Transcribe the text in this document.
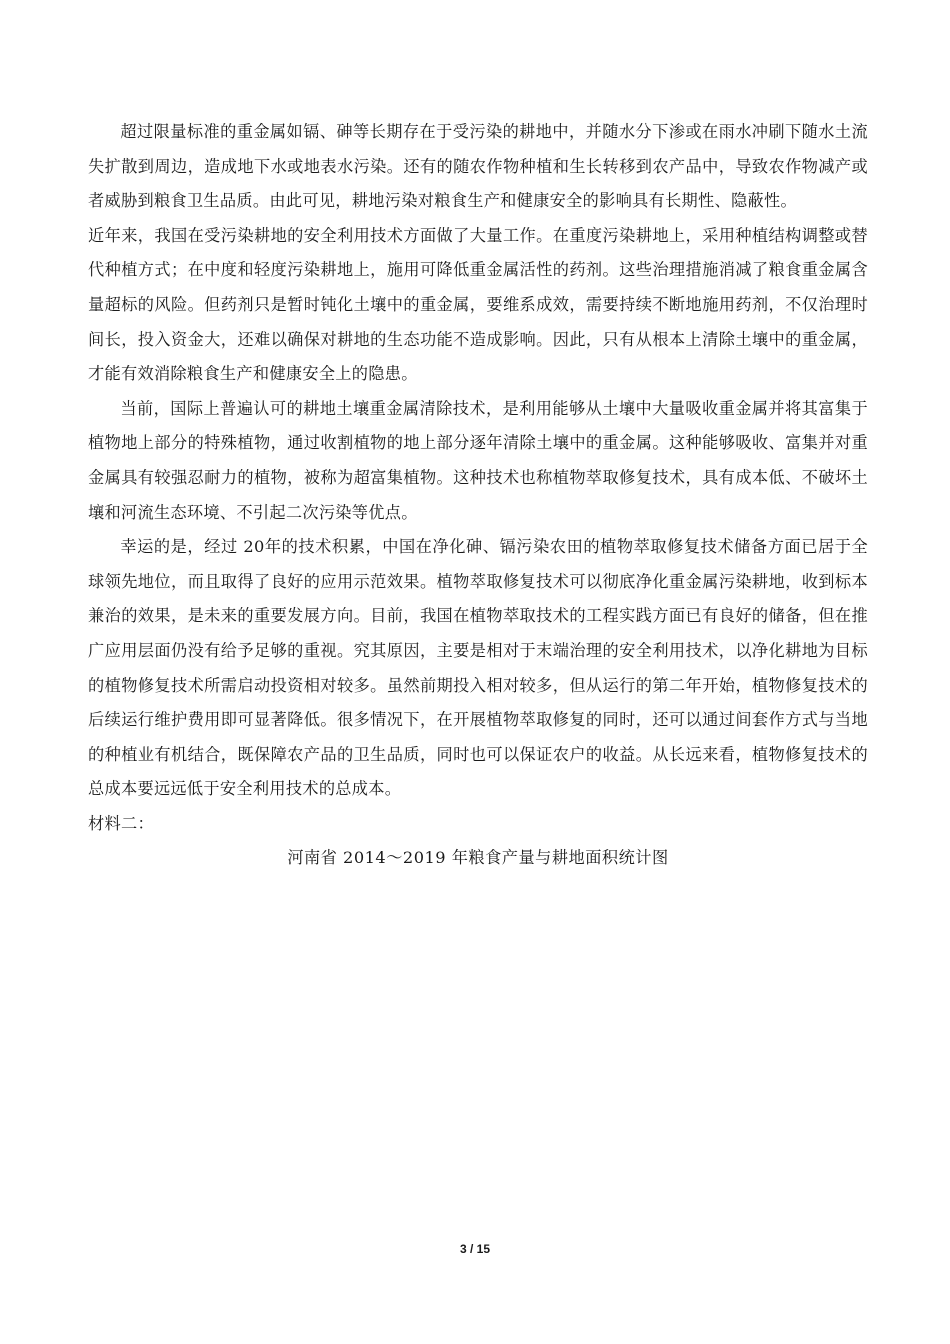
超过限量标准的重金属如镉、砷等长期存在于受污染的耕地中，并随水分下渗或在雨水冲刷下随水土流失扩散到周边，造成地下水或地表水污染。还有的随农作物种植和生长转移到农产品中，导致农作物减产或者威胁到粮食卫生品质。由此可见，耕地污染对粮食生产和健康安全的影响具有长期性、隐蔽性。

近年来，我国在受污染耕地的安全利用技术方面做了大量工作。在重度污染耕地上，采用种植结构调整或替代种植方式；在中度和轻度污染耕地上，施用可降低重金属活性的药剂。这些治理措施消减了粮食重金属含量超标的风险。但药剂只是暂时钝化土壤中的重金属，要维系成效，需要持续不断地施用药剂，不仅治理时间长，投入资金大，还难以确保对耕地的生态功能不造成影响。因此，只有从根本上清除土壤中的重金属，才能有效消除粮食生产和健康安全上的隐患。

当前，国际上普遍认可的耕地土壤重金属清除技术，是利用能够从土壤中大量吸收重金属并将其富集于植物地上部分的特殊植物，通过收割植物的地上部分逐年清除土壤中的重金属。这种能够吸收、富集并对重金属具有较强忍耐力的植物，被称为超富集植物。这种技术也称植物萃取修复技术，具有成本低、不破坏土壤和河流生态环境、不引起二次污染等优点。

幸运的是，经过 20年的技术积累，中国在净化砷、镉污染农田的植物萃取修复技术储备方面已居于全球领先地位，而且取得了良好的应用示范效果。植物萃取修复技术可以彻底净化重金属污染耕地，收到标本兼治的效果，是未来的重要发展方向。目前，我国在植物萃取技术的工程实践方面已有良好的储备，但在推广应用层面仍没有给予足够的重视。究其原因，主要是相对于末端治理的安全利用技术，以净化耕地为目标的植物修复技术所需启动投资相对较多。虽然前期投入相对较多，但从运行的第二年开始，植物修复技术的后续运行维护费用即可显著降低。很多情况下，在开展植物萃取修复的同时，还可以通过间套作方式与当地的种植业有机结合，既保障农产品的卫生品质，同时也可以保证农户的收益。从长远来看，植物修复技术的总成本要远远低于安全利用技术的总成本。

材料二：

河南省 2014～2019 年粮食产量与耕地面积统计图

3 / 15
